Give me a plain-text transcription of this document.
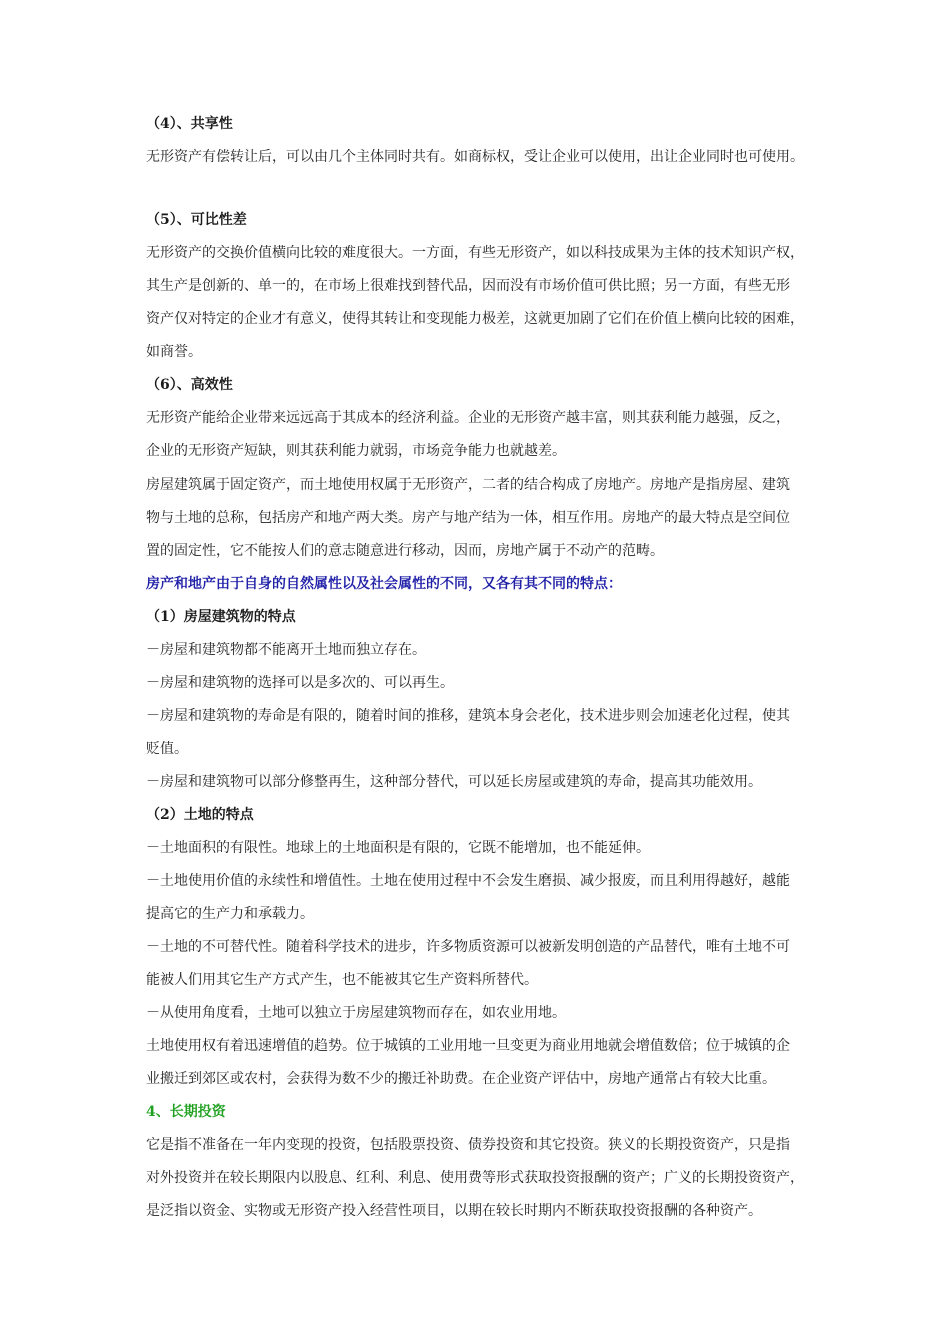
（4）、共享性
无形资产有偿转让后，可以由几个主体同时共有。如商标权，受让企业可以使用，出让企业同时也可使用。
（5）、可比性差
无形资产的交换价值横向比较的难度很大。一方面，有些无形资产，如以科技成果为主体的技术知识产权，
其生产是创新的、单一的，在市场上很难找到替代品，因而没有市场价值可供比照；另一方面，有些无形
资产仅对特定的企业才有意义，使得其转让和变现能力极差，这就更加剧了它们在价值上横向比较的困难，
如商誉。
（6）、高效性
无形资产能给企业带来远远高于其成本的经济利益。企业的无形资产越丰富，则其获利能力越强，反之，
企业的无形资产短缺，则其获利能力就弱，市场竞争能力也就越差。
房屋建筑属于固定资产，而土地使用权属于无形资产，二者的结合构成了房地产。房地产是指房屋、建筑
物与土地的总称，包括房产和地产两大类。房产与地产结为一体，相互作用。房地产的最大特点是空间位
置的固定性，它不能按人们的意志随意进行移动，因而，房地产属于不动产的范畴。
房产和地产由于自身的自然属性以及社会属性的不同，又各有其不同的特点：
（1）房屋建筑物的特点
－房屋和建筑物都不能离开土地而独立存在。
－房屋和建筑物的选择可以是多次的、可以再生。
－房屋和建筑物的寿命是有限的，随着时间的推移，建筑本身会老化，技术进步则会加速老化过程，使其
贬值。
－房屋和建筑物可以部分修整再生，这种部分替代，可以延长房屋或建筑的寿命，提高其功能效用。
（2）土地的特点
－土地面积的有限性。地球上的土地面积是有限的，它既不能增加，也不能延伸。
－土地使用价值的永续性和增值性。土地在使用过程中不会发生磨损、减少报废，而且利用得越好，越能
提高它的生产力和承载力。
－土地的不可替代性。随着科学技术的进步，许多物质资源可以被新发明创造的产品替代，唯有土地不可
能被人们用其它生产方式产生，也不能被其它生产资料所替代。
－从使用角度看，土地可以独立于房屋建筑物而存在，如农业用地。
土地使用权有着迅速增值的趋势。位于城镇的工业用地一旦变更为商业用地就会增值数倍；位于城镇的企
业搬迁到郊区或农村，会获得为数不少的搬迁补助费。在企业资产评估中，房地产通常占有较大比重。
4、长期投资
它是指不准备在一年内变现的投资，包括股票投资、债券投资和其它投资。狭义的长期投资资产，只是指
对外投资并在较长期限内以股息、红利、利息、使用费等形式获取投资报酬的资产；广义的长期投资资产，
是泛指以资金、实物或无形资产投入经营性项目，以期在较长时期内不断获取投资报酬的各种资产。
